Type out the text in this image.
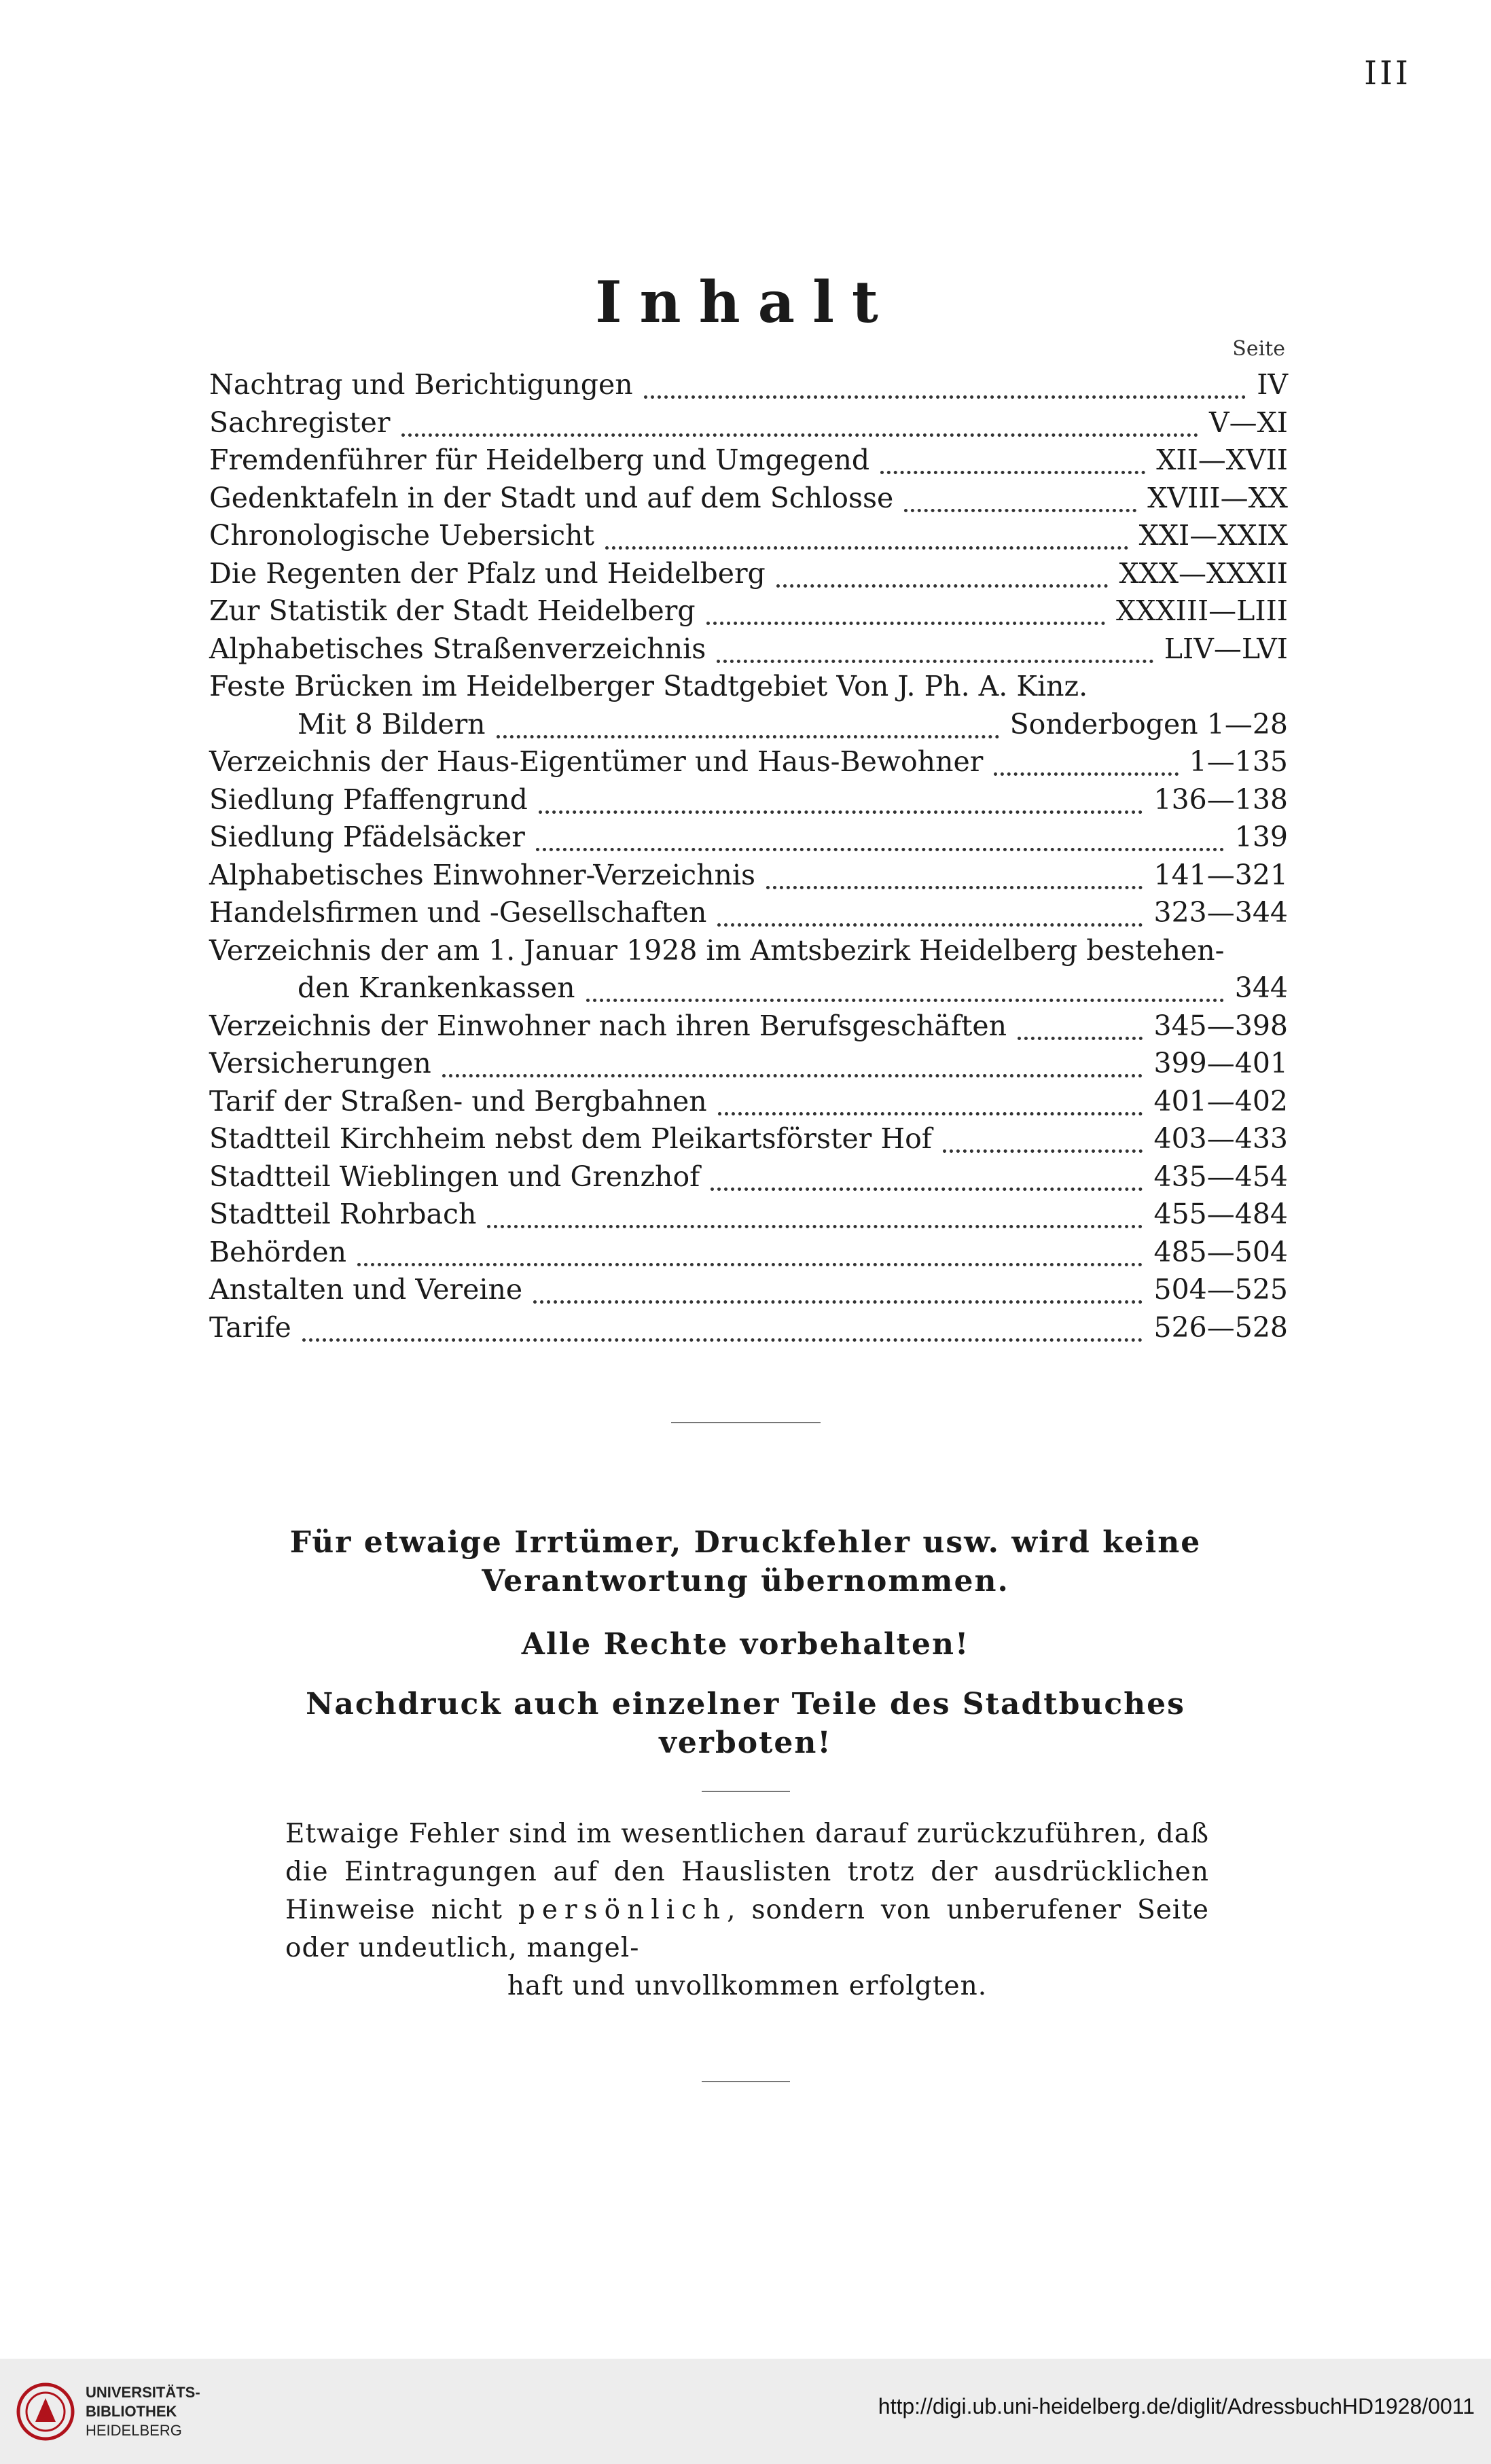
III
Inhalt
Seite
Nachtrag und Berichtigungen	IV
Sachregister	V—XI
Fremdenführer für Heidelberg und Umgegend	XII—XVII
Gedenktafeln in der Stadt und auf dem Schlosse	XVIII—XX
Chronologische Uebersicht	XXI—XXIX
Die Regenten der Pfalz und Heidelberg	XXX—XXXII
Zur Statistik der Stadt Heidelberg	XXXIII—LIII
Alphabetisches Straßenverzeichnis	LIV—LVI
Feste Brücken im Heidelberger Stadtgebiet Von J. Ph. A. Kinz.
Mit 8 Bildern	Sonderbogen 1—28
Verzeichnis der Haus-Eigentümer und Haus-Bewohner	1—135
Siedlung Pfaffengrund	136—138
Siedlung Pfädelsäcker	139
Alphabetisches Einwohner-Verzeichnis	141—321
Handelsfirmen und -Gesellschaften	323—344
Verzeichnis der am 1. Januar 1928 im Amtsbezirk Heidelberg bestehen-
den Krankenkassen	344
Verzeichnis der Einwohner nach ihren Berufsgeschäften	345—398
Versicherungen	399—401
Tarif der Straßen- und Bergbahnen	401—402
Stadtteil Kirchheim nebst dem Pleikartsförster Hof	403—433
Stadtteil Wieblingen und Grenzhof	435—454
Stadtteil Rohrbach	455—484
Behörden	485—504
Anstalten und Vereine	504—525
Tarife	526—528
Für etwaige Irrtümer, Druckfehler usw. wird keine
Verantwortung übernommen.
Alle Rechte vorbehalten!
Nachdruck auch einzelner Teile des Stadtbuches
verboten!
Etwaige Fehler sind im wesentlichen darauf zurückzuführen, daß die Eintragungen auf den Hauslisten trotz der ausdrücklichen Hinweise nicht persönlich, sondern von unberufener Seite oder undeutlich, mangel-
haft und unvollkommen erfolgten.
UNIVERSITÄTS-
BIBLIOTHEK
HEIDELBERG
http://digi.ub.uni-heidelberg.de/diglit/AdressbuchHD1928/0011
